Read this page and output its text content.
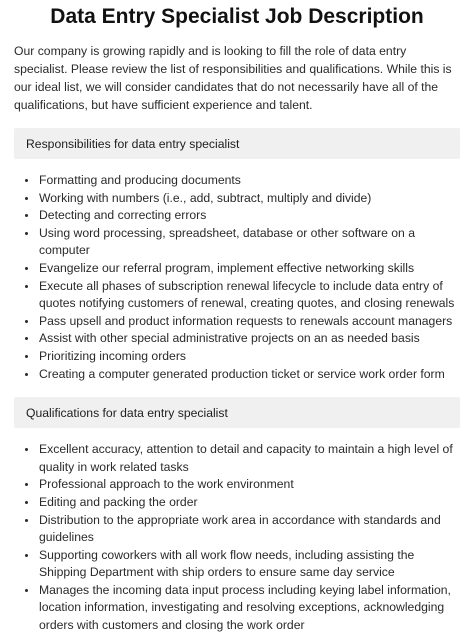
Data Entry Specialist Job Description

Our company is growing rapidly and is looking to fill the role of data entry specialist. Please review the list of responsibilities and qualifications. While this is our ideal list, we will consider candidates that do not necessarily have all of the qualifications, but have sufficient experience and talent.

Responsibilities for data entry specialist
• Formatting and producing documents
• Working with numbers (i.e., add, subtract, multiply and divide)
• Detecting and correcting errors
• Using word processing, spreadsheet, database or other software on a computer
• Evangelize our referral program, implement effective networking skills
• Execute all phases of subscription renewal lifecycle to include data entry of quotes notifying customers of renewal, creating quotes, and closing renewals
• Pass upsell and product information requests to renewals account managers
• Assist with other special administrative projects on an as needed basis
• Prioritizing incoming orders
• Creating a computer generated production ticket or service work order form
Qualifications for data entry specialist
• Excellent accuracy, attention to detail and capacity to maintain a high level of quality in work related tasks
• Professional approach to the work environment
• Editing and packing the order
• Distribution to the appropriate work area in accordance with standards and guidelines
• Supporting coworkers with all work flow needs, including assisting the Shipping Department with ship orders to ensure same day service
• Manages the incoming data input process including keying label information, location information, investigating and resolving exceptions, acknowledging orders with customers and closing the work order
